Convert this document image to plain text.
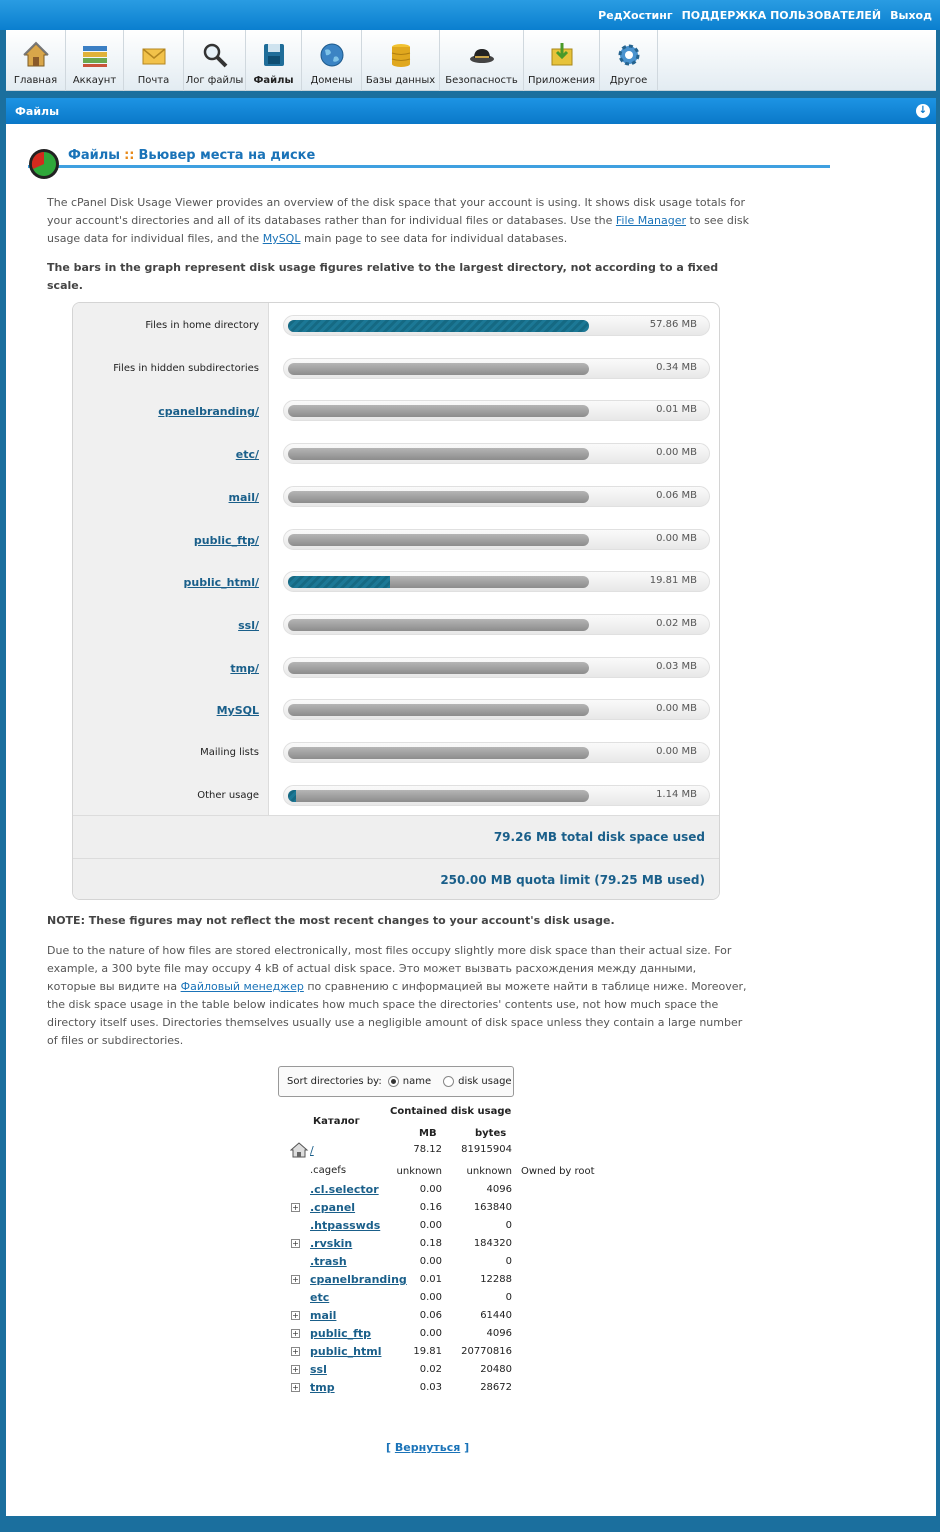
РедХостинг ПОДДЕРЖКА ПОЛЬЗОВАТЕЛЕЙ Выход
Главная Аккаунт Почта Лог файлы Файлы Домены Базы данных Безопасность Приложения Другое
Файлы	↓
Файлы :: Вьювер места на диске

The cPanel Disk Usage Viewer provides an overview of the disk space that your account is using. It shows disk usage totals for your account's directories and all of its databases rather than for individual files or databases. Use the File Manager to see disk usage data for individual files, and the MySQL main page to see data for individual databases.

The bars in the graph represent disk usage figures relative to the largest directory, not according to a fixed scale.

Files in home directory	57.86 MB
Files in hidden subdirectories	0.34 MB
cpanelbranding/	0.01 MB
etc/	0.00 MB
mail/	0.06 MB
public_ftp/	0.00 MB
public_html/	19.81 MB
ssl/	0.02 MB
tmp/	0.03 MB
MySQL	0.00 MB
Mailing lists	0.00 MB
Other usage	1.14 MB
79.26 MB total disk space used
250.00 MB quota limit (79.25 MB used)

NOTE: These figures may not reflect the most recent changes to your account's disk usage.

Due to the nature of how files are stored electronically, most files occupy slightly more disk space than their actual size. For example, a 300 byte file may occupy 4 kB of actual disk space. Это может вызвать расхождения между данными, которые вы видите на Файловый менеджер по сравнению с информацией вы можете найти в таблице ниже. Moreover, the disk space usage in the table below indicates how much space the directories' contents use, not how much space the directory itself uses. Directories themselves usually use a negligible amount of disk space unless they contain a large number of files or subdirectories.

Sort directories by: name	disk usage
Contained disk usage
Каталог
MB	bytes
/	78.12 81915904
.cagefs	unknown unknown Owned by root
.cl.selector	0.00	4096
+ .cpanel	0.16	163840
.htpasswds	0.00	0
+ .rvskin	0.18	184320
.trash	0.00	0
+ cpanelbranding 0.01	12288
etc	0.00	0
+ mail	0.06	61440
+ public_ftp	0.00	4096
+ public_html	19.81 20770816
+ ssl	0.02	20480
+ tmp	0.03	28672
[ Вернуться ]
